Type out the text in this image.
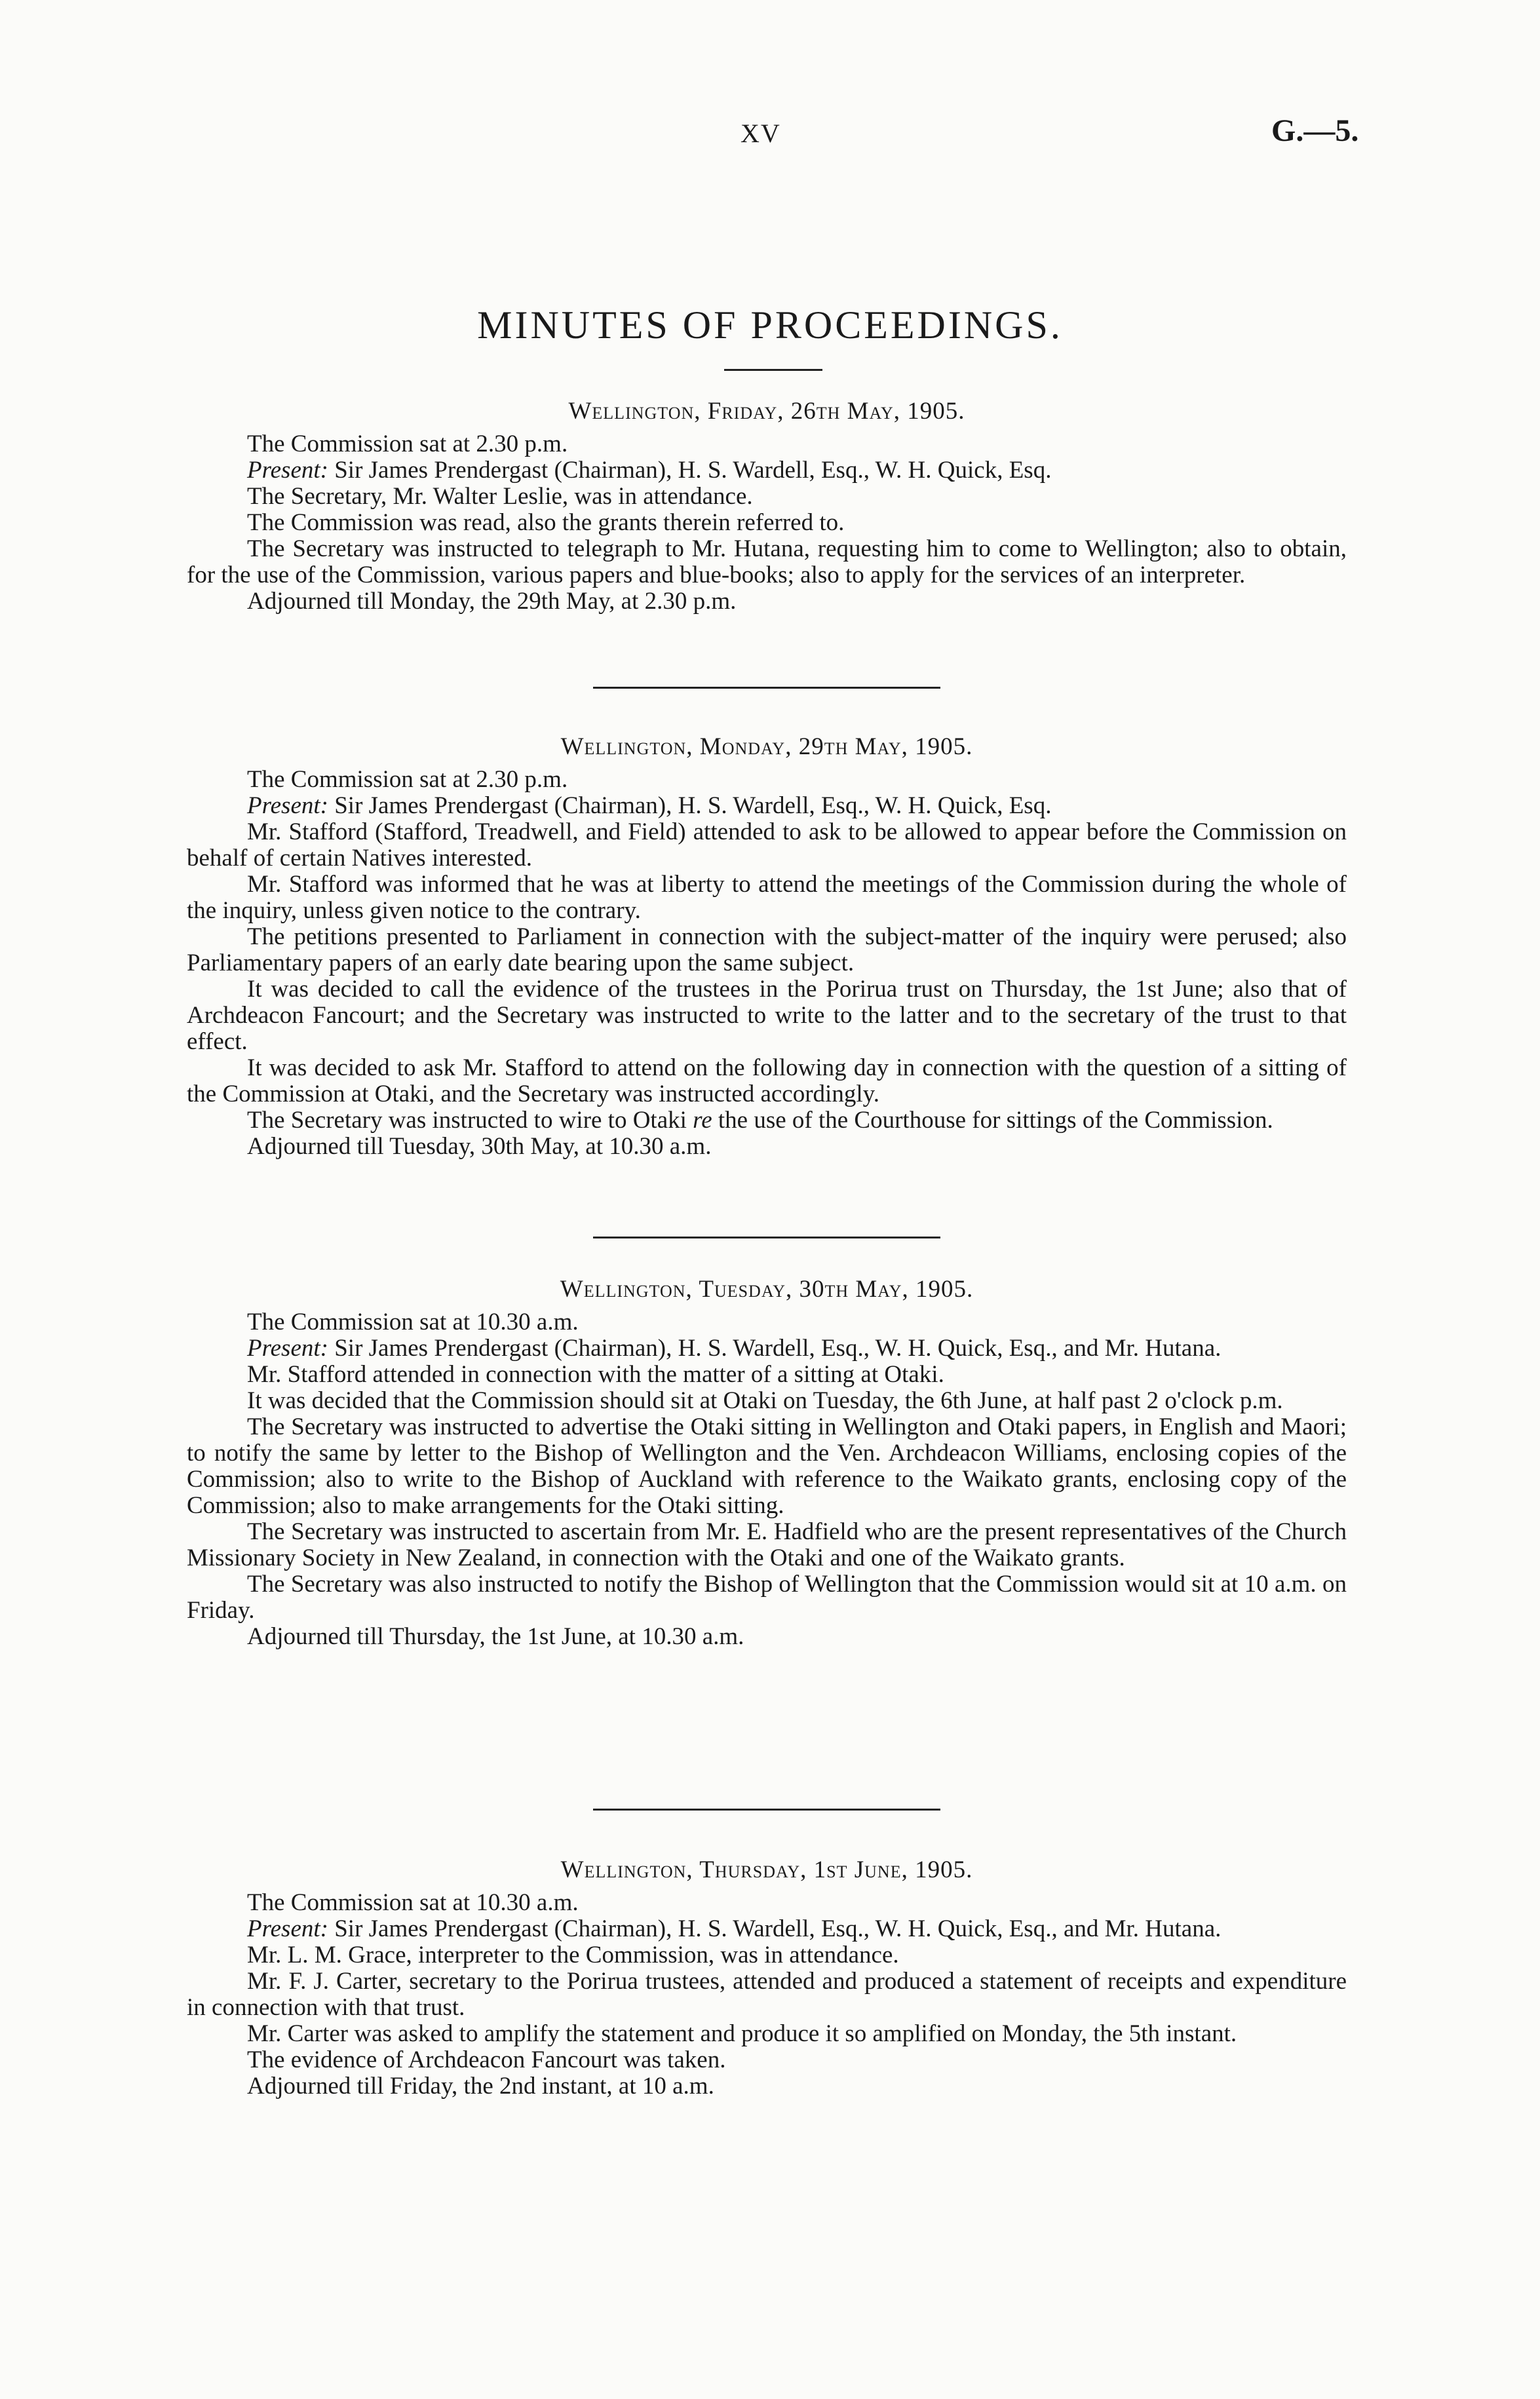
XV	G.—5.
MINUTES OF PROCEEDINGS.
Wellington, Friday, 26th May, 1905.
The Commission sat at 2.30 p.m.
Present: Sir James Prendergast (Chairman), H. S. Wardell, Esq., W. H. Quick, Esq.
The Secretary, Mr. Walter Leslie, was in attendance.
The Commission was read, also the grants therein referred to.
The Secretary was instructed to telegraph to Mr. Hutana, requesting him to come to Wellington; also to obtain, for the use of the Commission, various papers and blue-books; also to apply for the services of an interpreter.
Adjourned till Monday, the 29th May, at 2.30 p.m.
Wellington, Monday, 29th May, 1905.
The Commission sat at 2.30 p.m.
Present: Sir James Prendergast (Chairman), H. S. Wardell, Esq., W. H. Quick, Esq.
Mr. Stafford (Stafford, Treadwell, and Field) attended to ask to be allowed to appear before the Commission on behalf of certain Natives interested.
Mr. Stafford was informed that he was at liberty to attend the meetings of the Commission during the whole of the inquiry, unless given notice to the contrary.
The petitions presented to Parliament in connection with the subject-matter of the inquiry were perused; also Parliamentary papers of an early date bearing upon the same subject.
It was decided to call the evidence of the trustees in the Porirua trust on Thursday, the 1st June; also that of Archdeacon Fancourt; and the Secretary was instructed to write to the latter and to the secretary of the trust to that effect.
It was decided to ask Mr. Stafford to attend on the following day in connection with the question of a sitting of the Commission at Otaki, and the Secretary was instructed accordingly.
The Secretary was instructed to wire to Otaki re the use of the Courthouse for sittings of the Commission.
Adjourned till Tuesday, 30th May, at 10.30 a.m.
Wellington, Tuesday, 30th May, 1905.
The Commission sat at 10.30 a.m.
Present: Sir James Prendergast (Chairman), H. S. Wardell, Esq., W. H. Quick, Esq., and Mr. Hutana.
Mr. Stafford attended in connection with the matter of a sitting at Otaki.
It was decided that the Commission should sit at Otaki on Tuesday, the 6th June, at half past 2 o'clock p.m.
The Secretary was instructed to advertise the Otaki sitting in Wellington and Otaki papers, in English and Maori; to notify the same by letter to the Bishop of Wellington and the Ven. Archdeacon Williams, enclosing copies of the Commission; also to write to the Bishop of Auckland with reference to the Waikato grants, enclosing copy of the Commission; also to make arrangements for the Otaki sitting.
The Secretary was instructed to ascertain from Mr. E. Hadfield who are the present representatives of the Church Missionary Society in New Zealand, in connection with the Otaki and one of the Waikato grants.
The Secretary was also instructed to notify the Bishop of Wellington that the Commission would sit at 10 a.m. on Friday.
Adjourned till Thursday, the 1st June, at 10.30 a.m.
Wellington, Thursday, 1st June, 1905.
The Commission sat at 10.30 a.m.
Present: Sir James Prendergast (Chairman), H. S. Wardell, Esq., W. H. Quick, Esq., and Mr. Hutana.
Mr. L. M. Grace, interpreter to the Commission, was in attendance.
Mr. F. J. Carter, secretary to the Porirua trustees, attended and produced a statement of receipts and expenditure in connection with that trust.
Mr. Carter was asked to amplify the statement and produce it so amplified on Monday, the 5th instant.
The evidence of Archdeacon Fancourt was taken.
Adjourned till Friday, the 2nd instant, at 10 a.m.
